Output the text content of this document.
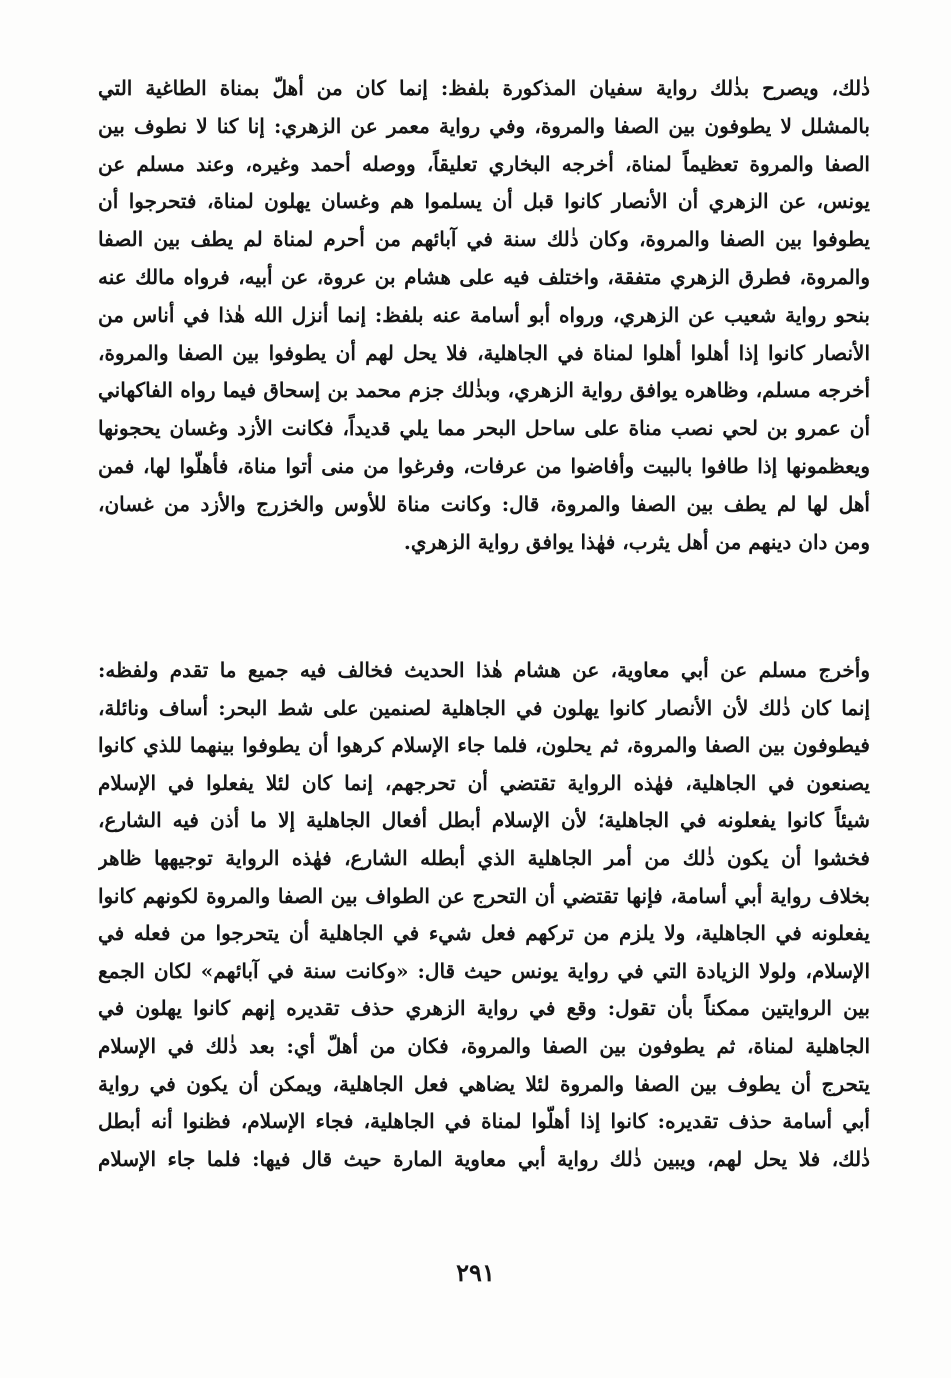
ذٰلك، ويصرح بذٰلك رواية سفيان المذكورة بلفظ: إنما كان من أهلّ بمناة الطاغية التي
بالمشلل لا يطوفون بين الصفا والمروة، وفي رواية معمر عن الزهري: إنا كنا لا نطوف بين
الصفا والمروة تعظيماً لمناة، أخرجه البخاري تعليقاً، ووصله أحمد وغيره، وعند مسلم عن
يونس، عن الزهري أن الأنصار كانوا قبل أن يسلموا هم وغسان يهلون لمناة، فتحرجوا أن
يطوفوا بين الصفا والمروة، وكان ذٰلك سنة في آبائهم من أحرم لمناة لم يطف بين الصفا
والمروة، فطرق الزهري متفقة، واختلف فيه على هشام بن عروة، عن أبيه، فرواه مالك عنه
بنحو رواية شعيب عن الزهري، ورواه أبو أسامة عنه بلفظ: إنما أنزل الله هٰذا في أناس من
الأنصار كانوا إذا أهلوا أهلوا لمناة في الجاهلية، فلا يحل لهم أن يطوفوا بين الصفا والمروة،
أخرجه مسلم، وظاهره يوافق رواية الزهري، وبذٰلك جزم محمد بن إسحاق فيما رواه الفاكهاني
أن عمرو بن لحي نصب مناة على ساحل البحر مما يلي قديداً، فكانت الأزد وغسان يحجونها
ويعظمونها إذا طافوا بالبيت وأفاضوا من عرفات، وفرغوا من منى أتوا مناة، فأهلّوا لها، فمن
أهل لها لم يطف بين الصفا والمروة، قال: وكانت مناة للأوس والخزرج والأزد من غسان،
ومن دان دينهم من أهل يثرب، فهٰذا يوافق رواية الزهري.
وأخرج مسلم عن أبي معاوية، عن هشام هٰذا الحديث فخالف فيه جميع ما تقدم ولفظه:
إنما كان ذٰلك لأن الأنصار كانوا يهلون في الجاهلية لصنمين على شط البحر: أساف ونائلة،
فيطوفون بين الصفا والمروة، ثم يحلون، فلما جاء الإسلام كرهوا أن يطوفوا بينهما للذي كانوا
يصنعون في الجاهلية، فهٰذه الرواية تقتضي أن تحرجهم، إنما كان لئلا يفعلوا في الإسلام
شيئاً كانوا يفعلونه في الجاهلية؛ لأن الإسلام أبطل أفعال الجاهلية إلا ما أذن فيه الشارع،
فخشوا أن يكون ذٰلك من أمر الجاهلية الذي أبطله الشارع، فهٰذه الرواية توجيهها ظاهر
بخلاف رواية أبي أسامة، فإنها تقتضي أن التحرج عن الطواف بين الصفا والمروة لكونهم كانوا
يفعلونه في الجاهلية، ولا يلزم من تركهم فعل شيء في الجاهلية أن يتحرجوا من فعله في
الإسلام، ولولا الزيادة التي في رواية يونس حيث قال: «وكانت سنة في آبائهم» لكان الجمع
بين الروايتين ممكناً بأن تقول: وقع في رواية الزهري حذف تقديره إنهم كانوا يهلون في
الجاهلية لمناة، ثم يطوفون بين الصفا والمروة، فكان من أهلّ أي: بعد ذٰلك في الإسلام
يتحرج أن يطوف بين الصفا والمروة لئلا يضاهي فعل الجاهلية، ويمكن أن يكون في رواية
أبي أسامة حذف تقديره: كانوا إذا أهلّوا لمناة في الجاهلية، فجاء الإسلام، فظنوا أنه أبطل
ذٰلك، فلا يحل لهم، ويبين ذٰلك رواية أبي معاوية المارة حيث قال فيها: فلما جاء الإسلام
٢٩١
